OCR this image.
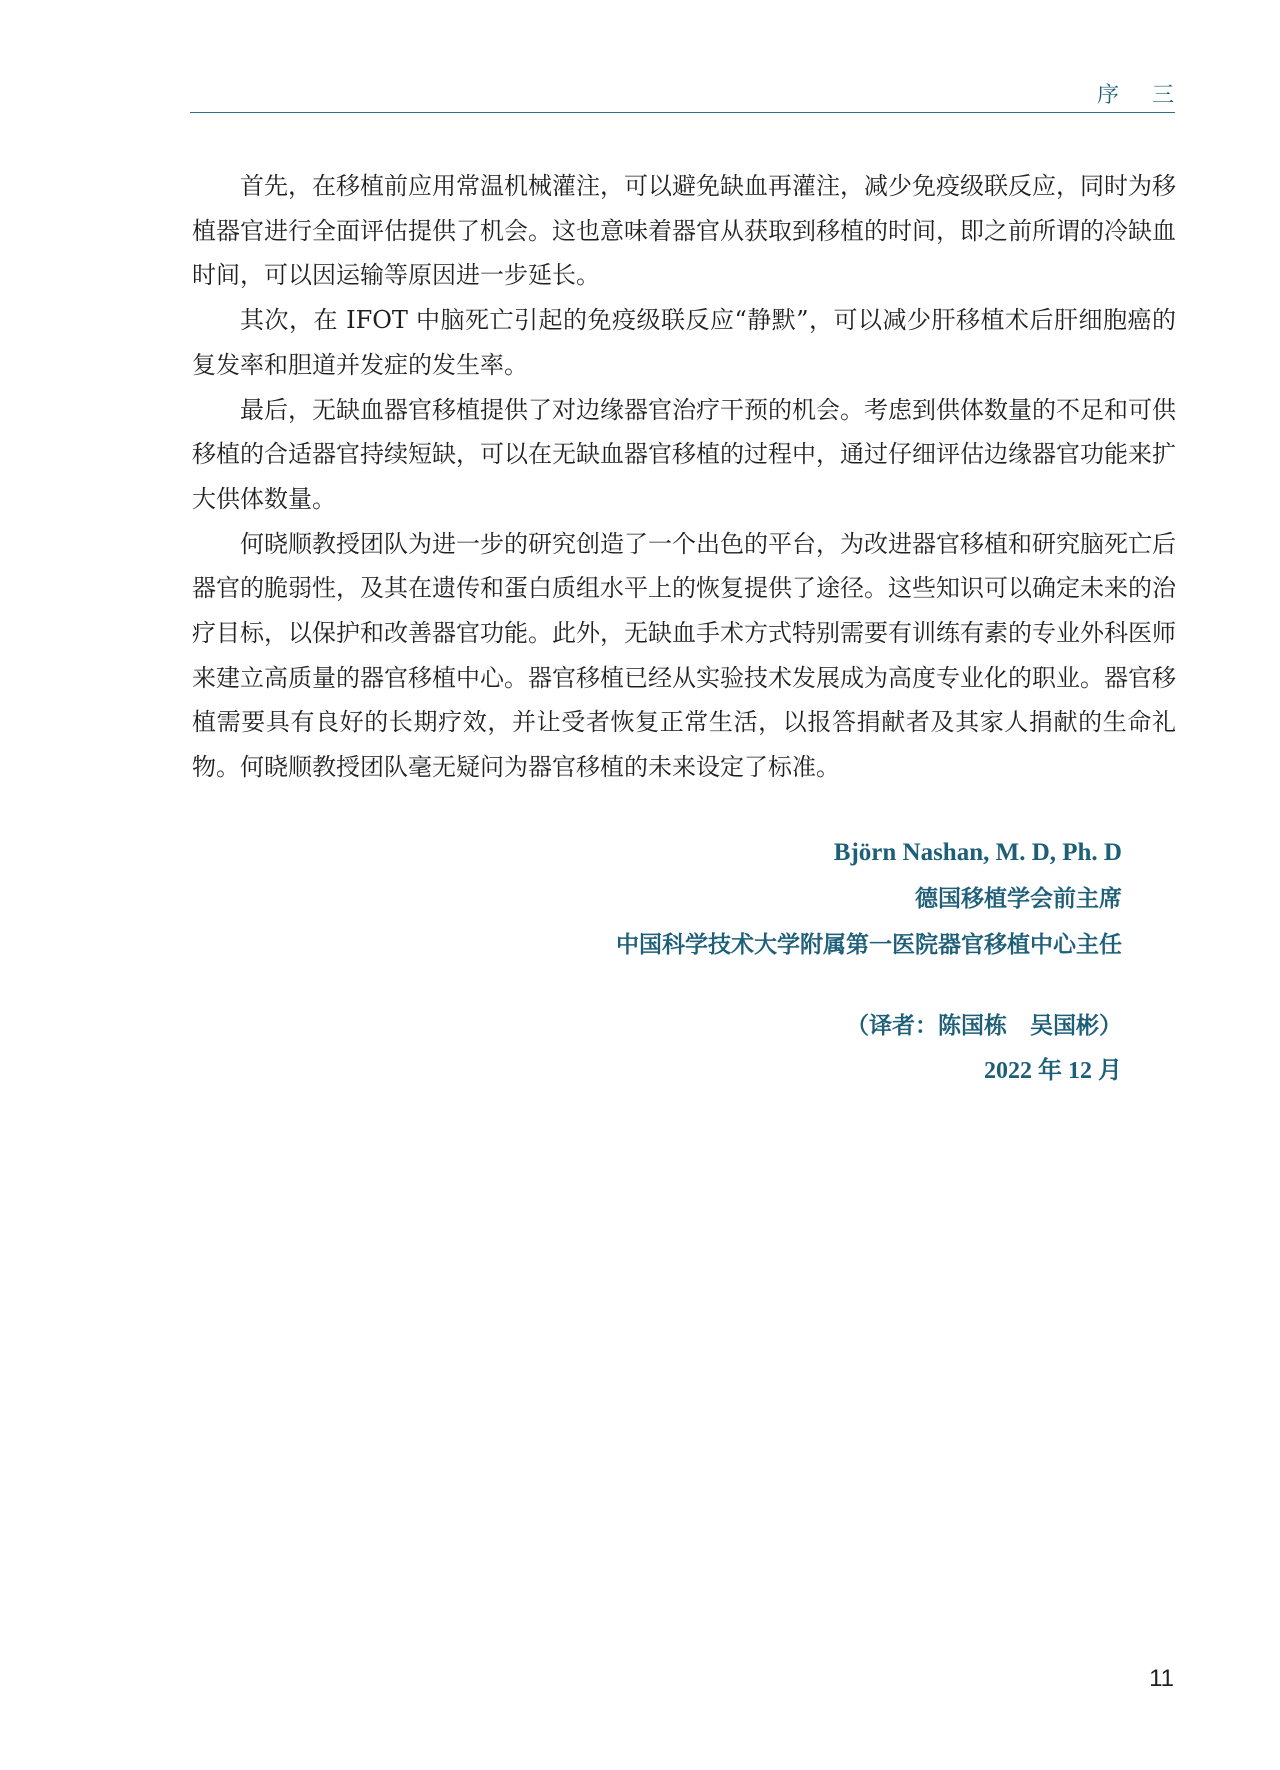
序 三

首先，在移植前应用常温机械灌注，可以避免缺血再灌注，减少免疫级联反应，同时为移植器官进行全面评估提供了机会。这也意味着器官从获取到移植的时间，即之前所谓的冷缺血时间，可以因运输等原因进一步延长。

其次，在 IFOT 中脑死亡引起的免疫级联反应“静默”，可以减少肝移植术后肝细胞癌的复发率和胆道并发症的发生率。

最后，无缺血器官移植提供了对边缘器官治疗干预的机会。考虑到供体数量的不足和可供移植的合适器官持续短缺，可以在无缺血器官移植的过程中，通过仔细评估边缘器官功能来扩大供体数量。

何晓顺教授团队为进一步的研究创造了一个出色的平台，为改进器官移植和研究脑死亡后器官的脆弱性，及其在遗传和蛋白质组水平上的恢复提供了途径。这些知识可以确定未来的治疗目标，以保护和改善器官功能。此外，无缺血手术方式特别需要有训练有素的专业外科医师来建立高质量的器官移植中心。器官移植已经从实验技术发展成为高度专业化的职业。器官移植需要具有良好的长期疗效，并让受者恢复正常生活，以报答捐献者及其家人捐献的生命礼物。何晓顺教授团队毫无疑问为器官移植的未来设定了标准。

Björn Nashan, M. D, Ph. D
德国移植学会前主席
中国科学技术大学附属第一医院器官移植中心主任
（译者：陈国栋　吴国彬）
2022 年 12 月
11
